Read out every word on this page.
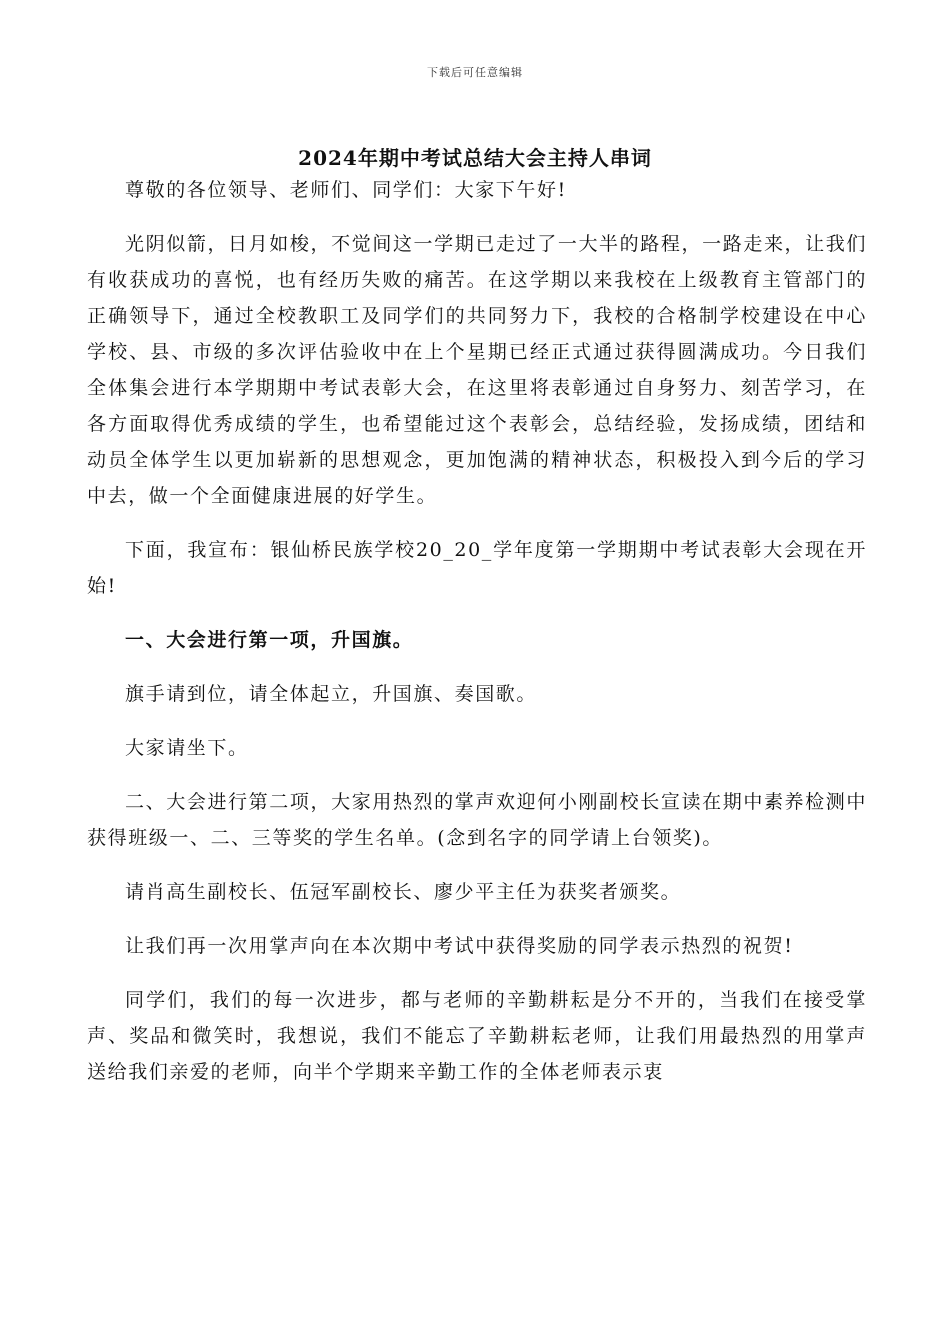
下载后可任意编辑
2024年期中考试总结大会主持人串词

尊敬的各位领导、老师们、同学们：大家下午好!

光阴似箭，日月如梭，不觉间这一学期已走过了一大半的路程，一路走来，让我们有收获成功的喜悦，也有经历失败的痛苦。在这学期以来我校在上级教育主管部门的正确领导下，通过全校教职工及同学们的共同努力下，我校的合格制学校建设在中心学校、县、市级的多次评估验收中在上个星期已经正式通过获得圆满成功。今日我们全体集会进行本学期期中考试表彰大会，在这里将表彰通过自身努力、刻苦学习，在各方面取得优秀成绩的学生，也希望能过这个表彰会，总结经验，发扬成绩，团结和动员全体学生以更加崭新的思想观念，更加饱满的精神状态，积极投入到今后的学习中去，做一个全面健康进展的好学生。

下面，我宣布：银仙桥民族学校20_20_学年度第一学期期中考试表彰大会现在开始!

一、大会进行第一项，升国旗。

旗手请到位，请全体起立，升国旗、奏国歌。

大家请坐下。

二、大会进行第二项，大家用热烈的掌声欢迎何小刚副校长宣读在期中素养检测中获得班级一、二、三等奖的学生名单。(念到名字的同学请上台领奖)。

请肖高生副校长、伍冠军副校长、廖少平主任为获奖者颁奖。

让我们再一次用掌声向在本次期中考试中获得奖励的同学表示热烈的祝贺!

同学们，我们的每一次进步，都与老师的辛勤耕耘是分不开的，当我们在接受掌声、奖品和微笑时，我想说，我们不能忘了辛勤耕耘老师，让我们用最热烈的用掌声送给我们亲爱的老师，向半个学期来辛勤工作的全体老师表示衷
